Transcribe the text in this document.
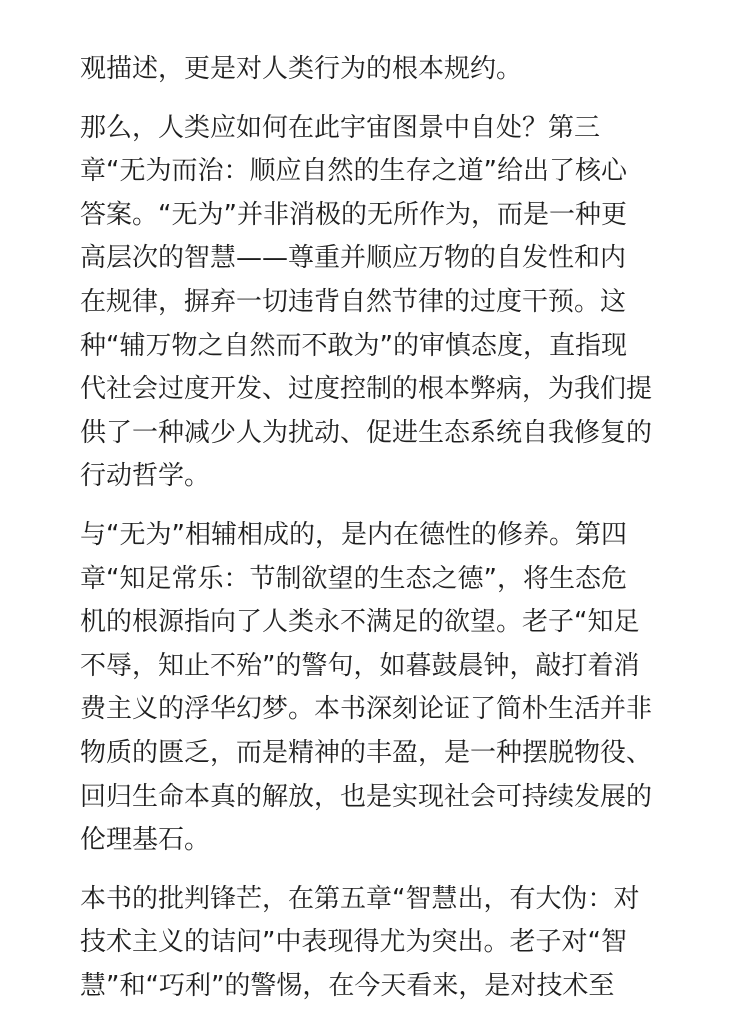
观描述，更是对人类行为的根本规约。

那么，人类应如何在此宇宙图景中自处？第三
章“无为而治：顺应自然的生存之道”给出了核心
答案。“无为”并非消极的无所作为，而是一种更
高层次的智慧——尊重并顺应万物的自发性和内
在规律，摒弃一切违背自然节律的过度干预。这
种“辅万物之自然而不敢为”的审慎态度，直指现
代社会过度开发、过度控制的根本弊病，为我们提
供了一种减少人为扰动、促进生态系统自我修复的
行动哲学。

与“无为”相辅相成的，是内在德性的修养。第四
章“知足常乐：节制欲望的生态之德”，将生态危
机的根源指向了人类永不满足的欲望。老子“知足
不辱，知止不殆”的警句，如暮鼓晨钟，敲打着消
费主义的浮华幻梦。本书深刻论证了简朴生活并非
物质的匮乏，而是精神的丰盈，是一种摆脱物役、
回归生命本真的解放，也是实现社会可持续发展的
伦理基石。

本书的批判锋芒，在第五章“智慧出，有大伪：对
技术主义的诘问”中表现得尤为突出。老子对“智
慧”和“巧利”的警惕，在今天看来，是对技术至
